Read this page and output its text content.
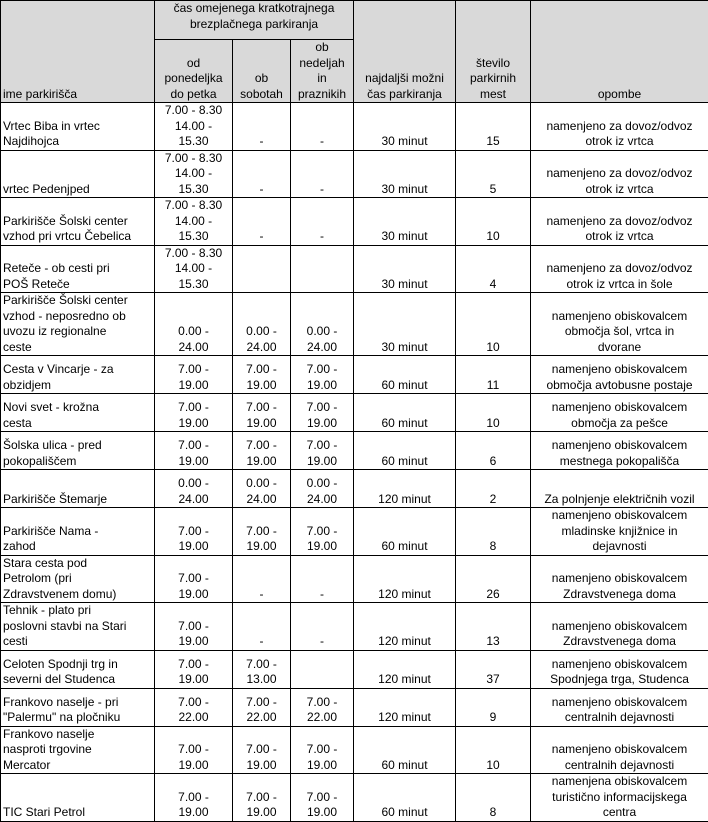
ime parkirišča	čas omejenega kratkotrajnega
brezplačnega parkiranja			najdaljši možni
čas parkiranja	število
parkirnih
mest	opombe
	od
ponedeljka
do petka	ob
sobotah	ob
nedeljah
in
praznikih			
Vrtec Biba in vrtec
Najdihojca	7.00 - 8.30
14.00 -
15.30	-	-	30 minut	15	namenjeno za dovoz/odvoz
otrok iz vrtca
vrtec Pedenjped	7.00 - 8.30
14.00 -
15.30	-	-	30 minut	5	namenjeno za dovoz/odvoz
otrok iz vrtca
Parkirišče Šolski center
vzhod pri vrtcu Čebelica	7.00 - 8.30
14.00 -
15.30	-	-	30 minut	10	namenjeno za dovoz/odvoz
otrok iz vrtca
Reteče - ob cesti pri
POŠ Reteče	7.00 - 8.30
14.00 -
15.30			30 minut	4	namenjeno za dovoz/odvoz
otrok iz vrtca in šole
Parkirišče Šolski center
vzhod - neposredno ob
uvozu iz regionalne
ceste	0.00 -
24.00	0.00 -
24.00	0.00 -
24.00	30 minut	10	namenjeno obiskovalcem
območja šol, vrtca in
dvorane
Cesta v Vincarje - za
obzidjem	7.00 -
19.00	7.00 -
19.00	7.00 -
19.00	60 minut	11	namenjeno obiskovalcem
območja avtobusne postaje
Novi svet - krožna
cesta	7.00 -
19.00	7.00 -
19.00	7.00 -
19.00	60 minut	10	namenjeno obiskovalcem
območja za pešce
Šolska ulica - pred
pokopališčem	7.00 -
19.00	7.00 -
19.00	7.00 -
19.00	60 minut	6	namenjeno obiskovalcem
mestnega pokopališča
Parkirišče Štemarje	0.00 -
24.00	0.00 -
24.00	0.00 -
24.00	120 minut	2	Za polnjenje električnih vozil
Parkirišče Nama -
zahod	7.00 -
19.00	7.00 -
19.00	7.00 -
19.00	60 minut	8	namenjeno obiskovalcem
mladinske knjižnice in
dejavnosti
Stara cesta pod
Petrolom (pri
Zdravstvenem domu)	7.00 -
19.00	-	-	120 minut	26	namenjeno obiskovalcem
Zdravstvenega doma
Tehnik - plato pri
poslovni stavbi na Stari
cesti	7.00 -
19.00	-	-	120 minut	13	namenjeno obiskovalcem
Zdravstvenega doma
Celoten Spodnji trg in
severni del Studenca	7.00 -
19.00	7.00 -
13.00		120 minut	37	namenjeno obiskovalcem
Spodnjega trga, Studenca
Frankovo naselje - pri
"Palermu" na pločniku	7.00 -
22.00	7.00 -
22.00	7.00 -
22.00	120 minut	9	namenjeno obiskovalcem
centralnih dejavnosti
Frankovo naselje
nasproti trgovine
Mercator	7.00 -
19.00	7.00 -
19.00	7.00 -
19.00	60 minut	10	namenjeno obiskovalcem
centralnih dejavnosti
TIC Stari Petrol	7.00 -
19.00	7.00 -
19.00	7.00 -
19.00	60 minut	8	namenjena obiskovalcem
turistično informacijskega
centra
